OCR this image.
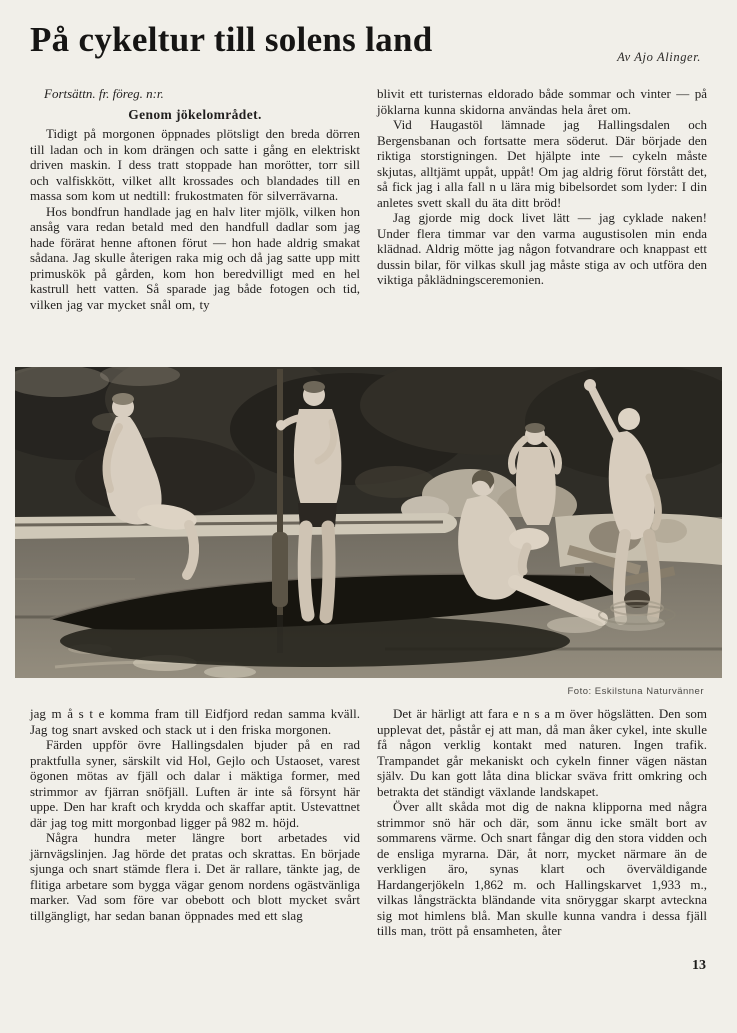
På cykeltur till solens land	Av Ajo Alinger.

Fortsättn. fr. föreg. n:r.

Genom jökelområdet.

Tidigt på morgonen öppnades plötsligt den breda dörren till ladan och in kom drängen och satte i gång en elektriskt driven maskin. I dess tratt stoppade han morötter, torr sill och valfiskkött, vilket allt krossades och blandades till en massa som kom ut nedtill: frukostmaten för silverrävarna.

Hos bondfrun handlade jag en halv liter mjölk, vilken hon ansåg vara redan betald med den handfull dadlar som jag hade förärat henne aftonen förut — hon hade aldrig smakat sådana. Jag skulle återigen raka mig och då jag satte upp mitt primuskök på gården, kom hon beredvilligt med en hel kastrull hett vatten. Så sparade jag både fotogen och tid, vilken jag var mycket snål om, ty

blivit ett turisternas eldorado både sommar och vinter — på jöklarna kunna skidorna användas hela året om.

Vid Haugastöl lämnade jag Hallingsdalen och Bergensbanan och fortsatte mera söderut. Där började den riktiga storstigningen. Det hjälpte inte — cykeln måste skjutas, alltjämt uppåt, uppåt! Om jag aldrig förut förstått det, så fick jag i alla fall n u lära mig bibelsordet som lyder: I din anletes svett skall du äta ditt bröd!

Jag gjorde mig dock livet lätt — jag cyklade naken! Under flera timmar var den varma augustisolen min enda klädnad. Aldrig mötte jag någon fotvandrare och knappast ett dussin bilar, för vilkas skull jag måste stiga av och utföra den viktiga påklädningsceremonien.

Foto: Eskilstuna Naturvänner

jag m å s t e komma fram till Eidfjord redan samma kväll. Jag tog snart avsked och stack ut i den friska morgonen.

Färden uppför övre Hallingsdalen bjuder på en rad praktfulla syner, särskilt vid Hol, Gejlo och Ustaoset, varest ögonen mötas av fjäll och dalar i mäktiga former, med strimmor av fjärran snöfjäll. Luften är inte så försynt här uppe. Den har kraft och krydda och skaffar aptit. Ustevattnet där jag tog mitt morgonbad ligger på 982 m. höjd.

Några hundra meter längre bort arbetades vid järnvägslinjen. Jag hörde det pratas och skrattas. En började sjunga och snart stämde flera i. Det är rallare, tänkte jag, de flitiga arbetare som bygga vägar genom nordens ogästvänliga marker. Vad som före var obebott och blott mycket svårt tillgängligt, har sedan banan öppnades med ett slag

Det är härligt att fara e n s a m över högslätten. Den som upplevat det, påstår ej att man, då man åker cykel, inte skulle få någon verklig kontakt med naturen. Ingen trafik. Trampandet går mekaniskt och cykeln finner vägen nästan själv. Du kan gott låta dina blickar sväva fritt omkring och betrakta det ständigt växlande landskapet.

Över allt skåda mot dig de nakna klipporna med några strimmor snö här och där, som ännu icke smält bort av sommarens värme. Och snart fångar dig den stora vidden och de ensliga myrarna. Där, åt norr, mycket närmare än de verkligen äro, synas klart och överväldigande Hardangerjökeln 1,862 m. och Hallingskarvet 1,933 m., vilkas långsträckta bländande vita snöryggar skarpt avteckna sig mot himlens blå. Man skulle kunna vandra i dessa fjäll tills man, trött på ensamheten, åter

13
